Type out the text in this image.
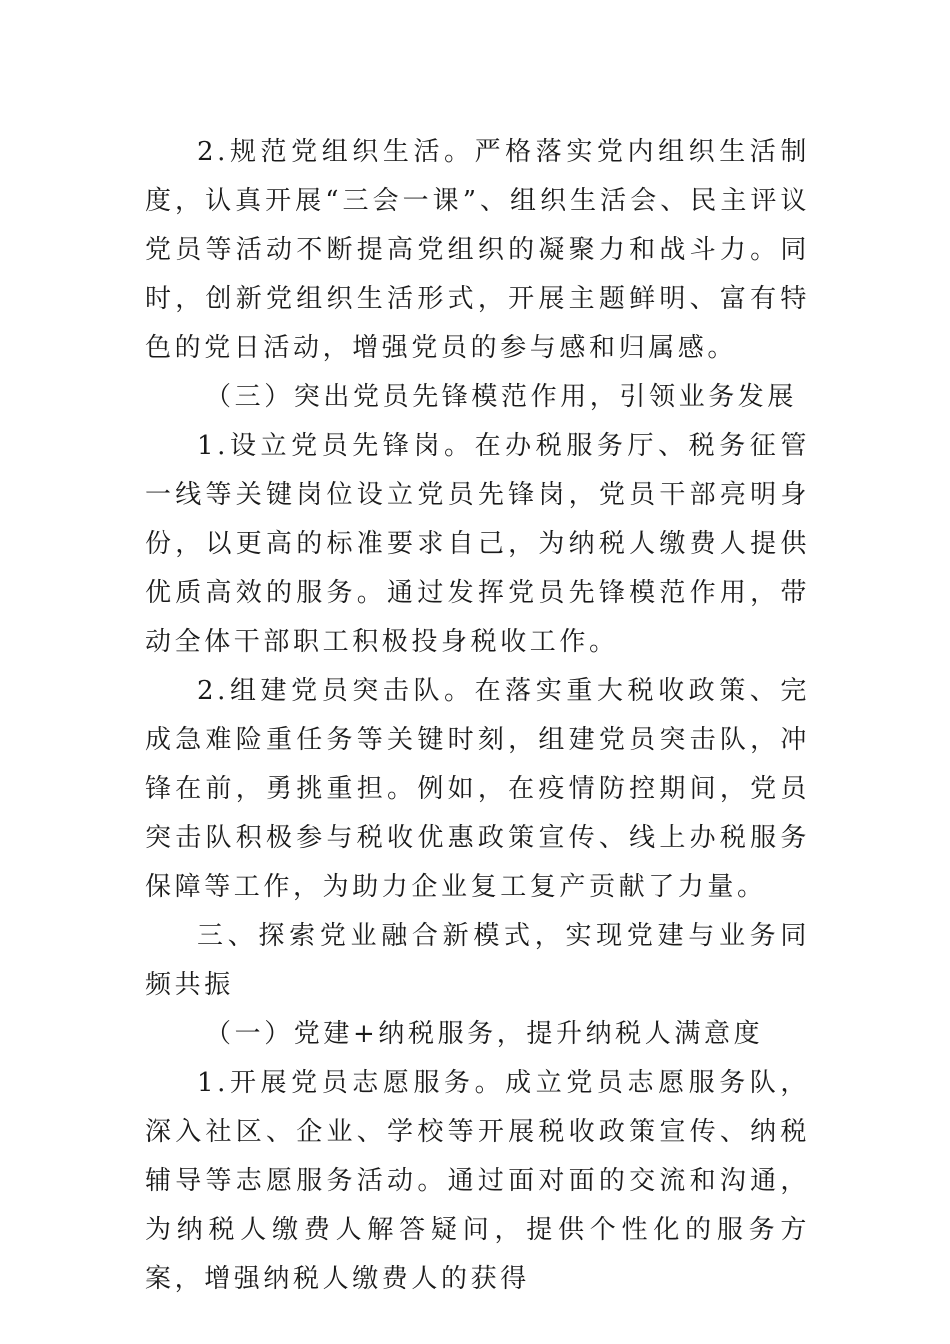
2.规范党组织生活。严格落实党内组织生活制度，认真开展“三会一课”、组织生活会、民主评议党员等活动不断提高党组织的凝聚力和战斗力。同时，创新党组织生活形式，开展主题鲜明、富有特色的党日活动，增强党员的参与感和归属感。

（三）突出党员先锋模范作用，引领业务发展

1.设立党员先锋岗。在办税服务厅、税务征管一线等关键岗位设立党员先锋岗，党员干部亮明身份，以更高的标准要求自己，为纳税人缴费人提供优质高效的服务。通过发挥党员先锋模范作用，带动全体干部职工积极投身税收工作。

2.组建党员突击队。在落实重大税收政策、完成急难险重任务等关键时刻，组建党员突击队，冲锋在前，勇挑重担。例如，在疫情防控期间，党员突击队积极参与税收优惠政策宣传、线上办税服务保障等工作，为助力企业复工复产贡献了力量。

三、探索党业融合新模式，实现党建与业务同频共振

（一）党建+纳税服务，提升纳税人满意度

1.开展党员志愿服务。成立党员志愿服务队，深入社区、企业、学校等开展税收政策宣传、纳税辅导等志愿服务活动。通过面对面的交流和沟通，为纳税人缴费人解答疑问，提供个性化的服务方案，增强纳税人缴费人的获得
